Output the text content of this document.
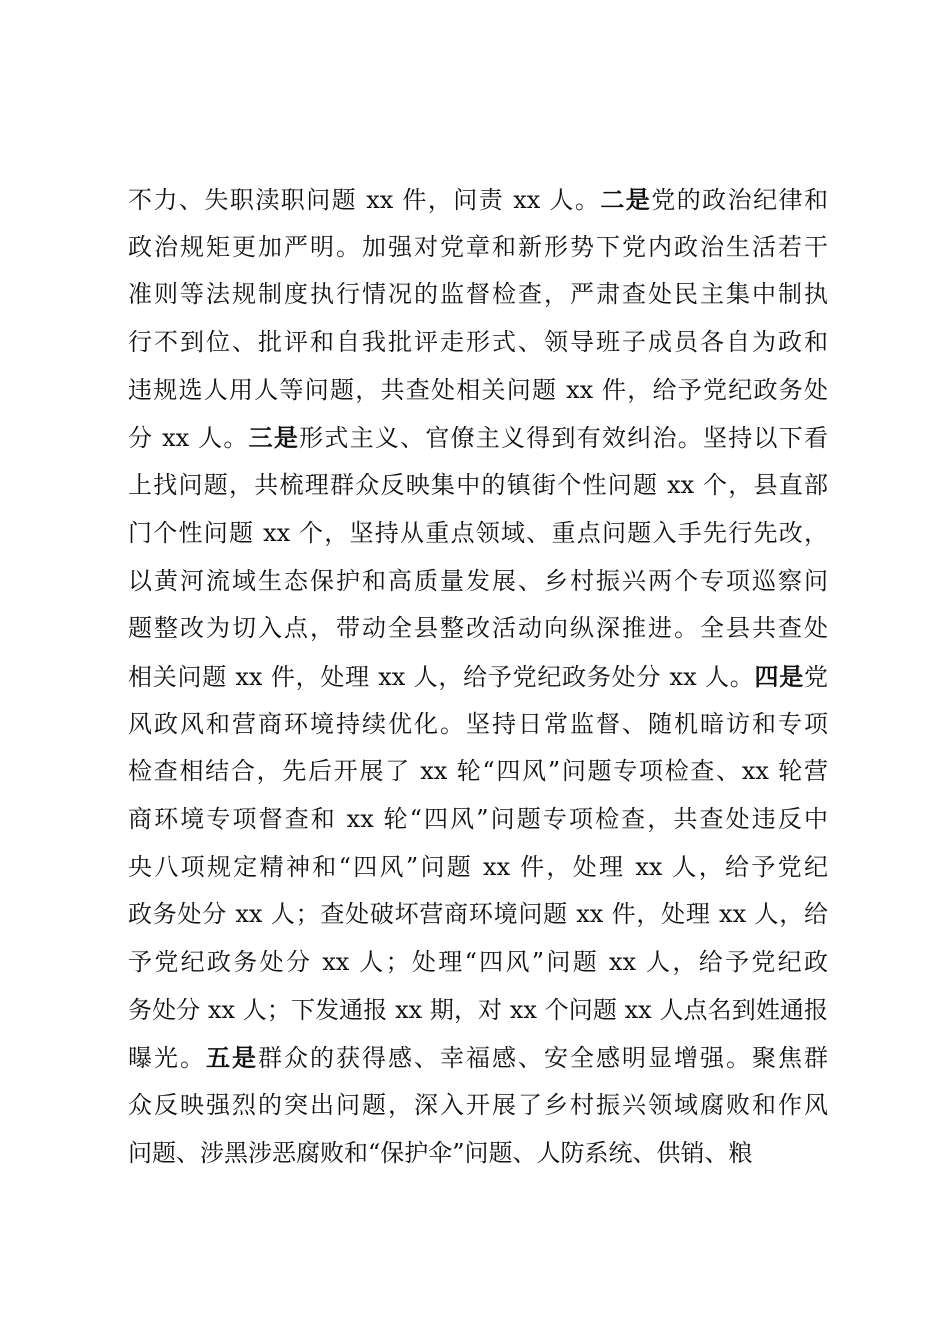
不力、失职渎职问题 xx 件，问责 xx 人。二是党的政治纪律和
政治规矩更加严明。加强对党章和新形势下党内政治生活若干
准则等法规制度执行情况的监督检查，严肃查处民主集中制执
行不到位、批评和自我批评走形式、领导班子成员各自为政和
违规选人用人等问题，共查处相关问题 xx 件，给予党纪政务处
分 xx 人。三是形式主义、官僚主义得到有效纠治。坚持以下看
上找问题，共梳理群众反映集中的镇街个性问题 xx 个，县直部
门个性问题 xx 个，坚持从重点领域、重点问题入手先行先改，
以黄河流域生态保护和高质量发展、乡村振兴两个专项巡察问
题整改为切入点，带动全县整改活动向纵深推进。全县共查处
相关问题 xx 件，处理 xx 人，给予党纪政务处分 xx 人。四是党
风政风和营商环境持续优化。坚持日常监督、随机暗访和专项
检查相结合，先后开展了 xx 轮“四风”问题专项检查、xx 轮营
商环境专项督查和 xx 轮“四风”问题专项检查，共查处违反中
央八项规定精神和“四风”问题 xx 件，处理 xx 人，给予党纪
政务处分 xx 人；查处破坏营商环境问题 xx 件，处理 xx 人，给
予党纪政务处分 xx 人；处理“四风”问题 xx 人，给予党纪政
务处分 xx 人；下发通报 xx 期，对 xx 个问题 xx 人点名到姓通报
曝光。五是群众的获得感、幸福感、安全感明显增强。聚焦群
众反映强烈的突出问题，深入开展了乡村振兴领域腐败和作风
问题、涉黑涉恶腐败和“保护伞”问题、人防系统、供销、粮
